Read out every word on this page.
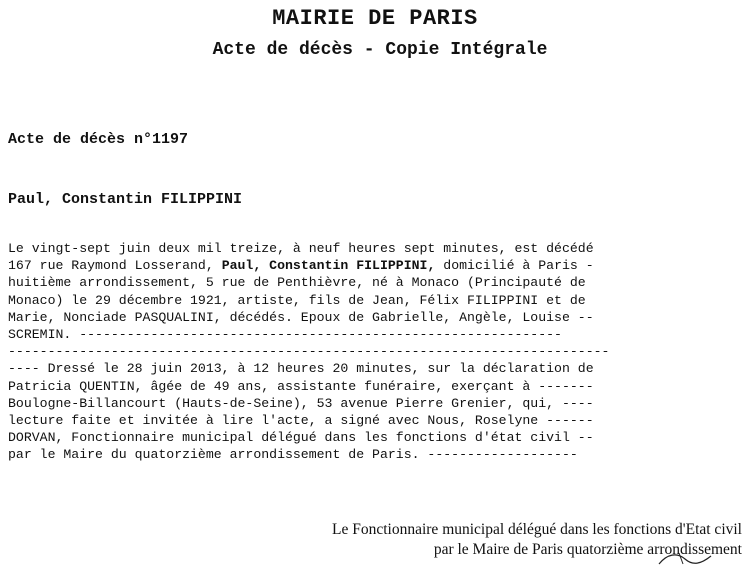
MAIRIE DE PARIS
Acte de décès - Copie Intégrale
Acte de décès n°1197
Paul, Constantin FILIPPINI
Le vingt-sept juin deux mil treize, à neuf heures sept minutes, est décédé
167 rue Raymond Losserand, Paul, Constantin FILIPPINI, domicilié à Paris -
huitième arrondissement, 5 rue de Penthièvre, né à Monaco (Principauté de
Monaco) le 29 décembre 1921, artiste, fils de Jean, Félix FILIPPINI et de
Marie, Nonciade PASQUALINI, décédés. Epoux de Gabrielle, Angèle, Louise --
SCREMIN. -------------------------------------------------------------
----------------------------------------------------------------------------
---- Dressé le 28 juin 2013, à 12 heures 20 minutes, sur la déclaration de
Patricia QUENTIN, âgée de 49 ans, assistante funéraire, exerçant à -------
Boulogne-Billancourt (Hauts-de-Seine), 53 avenue Pierre Grenier, qui, ----
lecture faite et invitée à lire l'acte, a signé avec Nous, Roselyne ------
DORVAN, Fonctionnaire municipal délégué dans les fonctions d'état civil --
par le Maire du quatorzième arrondissement de Paris. -------------------
Le Fonctionnaire municipal délégué dans les fonctions d'Etat civil
par le Maire de Paris quatorzième arrondissement
